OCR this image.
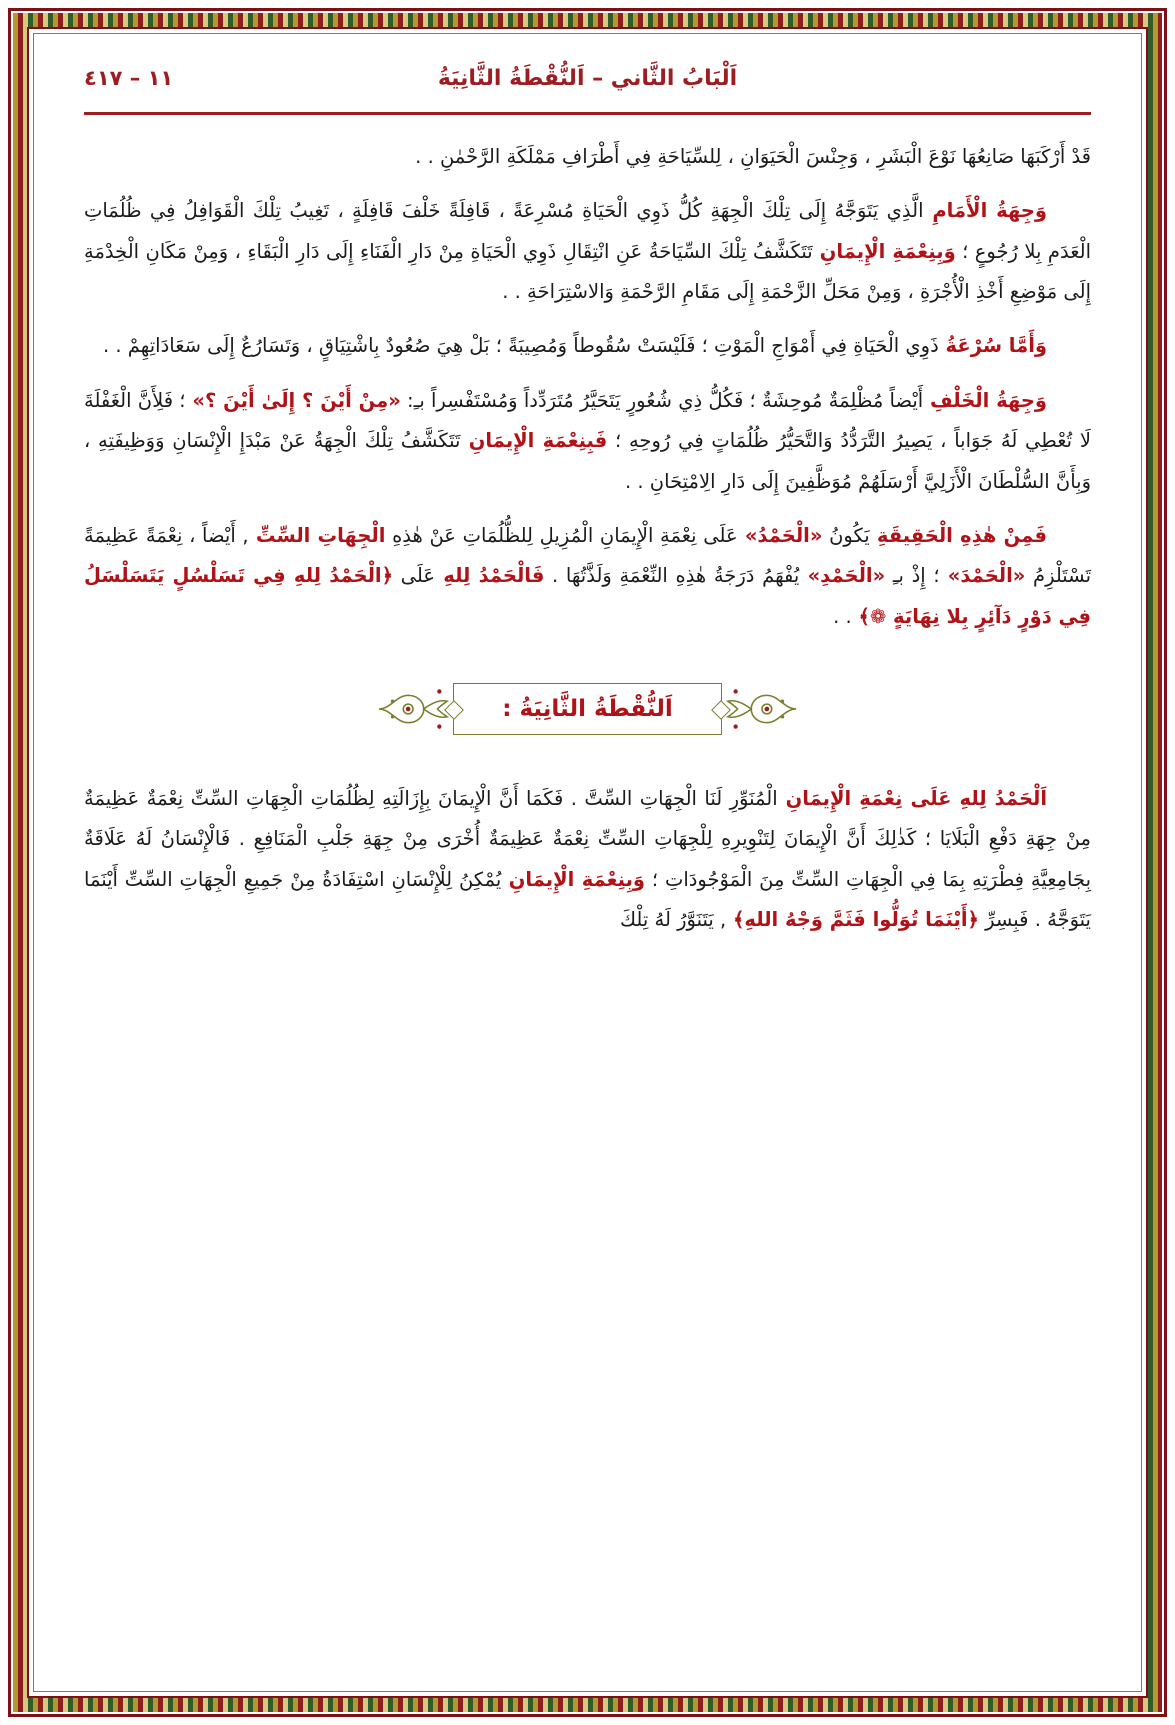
١١ – ٤١٧	اَلْبَابُ الثَّاني – اَلنُّقْطَةُ الثَّانِيَةُ
قَدْ أَرْكَبَهَا صَانِعُهَا نَوْعَ الْبَشَرِ ، وَجِنْسَ الْحَيَوَانِ ، لِلسِّيَاحَةِ فِي أَطْرَافِ مَمْلَكَةِ الرَّحْمٰنِ . .
وَجِهَةُ الْأَمَامِ الَّذِي يَتَوَجَّهُ إِلَى تِلْكَ الْجِهَةِ كُلُّ ذَوِي الْحَيَاةِ مُسْرِعَةً ، قَافِلَةً خَلْفَ قَافِلَةٍ ، تَغِيبُ تِلْكَ الْقَوَافِلُ فِي ظُلُمَاتِ الْعَدَمِ بِلا رُجُوعٍ ؛ وَبِنِعْمَةِ الْإِيمَانِ تَتَكَشَّفُ تِلْكَ السِّيَاحَةُ عَنِ انْتِقَالِ ذَوِي الْحَيَاةِ مِنْ دَارِ الْفَنَاءِ إِلَى دَارِ الْبَقَاءِ ، وَمِنْ مَكَانِ الْخِدْمَةِ إِلَى مَوْضِعِ أَخْذِ الْأُجْرَةِ ، وَمِنْ مَحَلِّ الزَّحْمَةِ إِلَى مَقَامِ الرَّحْمَةِ وَالاسْتِرَاحَةِ . .
وَأَمَّا سُرْعَةُ ذَوِي الْحَيَاةِ فِي أَمْوَاجِ الْمَوْتِ ؛ فَلَيْسَتْ سُقُوطاً وَمُصِيبَةً ؛ بَلْ هِيَ صُعُودٌ بِاشْتِيَاقٍ ، وَتَسَارُعٌ إِلَى سَعَادَاتِهِمْ . .
وَجِهَةُ الْخَلْفِ أَيْضاً مُظْلِمَةٌ مُوحِشَةٌ ؛ فَكُلُّ ذِي شُعُورٍ يَتَحَيَّرُ مُتَرَدِّداً وَمُسْتَفْسِراً بـِ: «مِنْ أَيْنَ ؟ إِلَىٰ أَيْنَ ؟» ؛ فَلِأَنَّ الْغَفْلَةَ لَا تُعْطِي لَهُ جَوَاباً ، يَصِيرُ التَّرَدُّدُ وَالتَّحَيُّرُ ظُلُمَاتٍ فِي رُوحِهِ ؛ فَبِنِعْمَةِ الْإِيمَانِ تَتَكَشَّفُ تِلْكَ الْجِهَةُ عَنْ مَبْدَإِ الْإِنْسَانِ وَوَظِيفَتِهِ ، وَبِأَنَّ السُّلْطَانَ الْأَزَلِيَّ أَرْسَلَهُمْ مُوَظَّفِينَ إِلَى دَارِ الِامْتِحَانِ . .
فَمِنْ هٰذِهِ الْحَقِيقَةِ يَكُونُ «الْحَمْدُ» عَلَى نِعْمَةِ الْإِيمَانِ الْمُزِيلِ لِلظُّلُمَاتِ عَنْ هٰذِهِ الْجِهَاتِ السِّتِّ , أَيْضاً ، نِعْمَةً عَظِيمَةً تَسْتَلْزِمُ «الْحَمْدَ» ؛ إِذْ بـِ «الْحَمْدِ» يُفْهَمُ دَرَجَةُ هٰذِهِ النِّعْمَةِ وَلَذَّتُهَا . فَالْحَمْدُ لِلهِ عَلَى ﴿الْحَمْدُ لِلهِ فِي تَسَلْسُلٍ يَتَسَلْسَلُ فِي دَوْرٍ دَآئِرٍ بِلا نِهَايَةٍ ❁﴾ . .
اَلنُّقْطَةُ الثَّانِيَةُ :
اَلْحَمْدُ لِلهِ عَلَى نِعْمَةِ الْإِيمَانِ الْمُنَوِّرِ لَنَا الْجِهَاتِ السِّتَّ . فَكَمَا أَنَّ الْإِيمَانَ بِإِزَالَتِهِ لِظُلُمَاتِ الْجِهَاتِ السِّتِّ نِعْمَةٌ عَظِيمَةٌ مِنْ جِهَةِ دَفْعِ الْبَلَايَا ؛ كَذٰلِكَ أَنَّ الْإِيمَانَ لِتَنْوِيرِهِ لِلْجِهَاتِ السِّتِّ نِعْمَةٌ عَظِيمَةٌ أُخْرَى مِنْ جِهَةِ جَلْبِ الْمَنَافِعِ . فَالْإِنْسَانُ لَهُ عَلَاقَةٌ بِجَامِعِيَّةِ فِطْرَتِهِ بِمَا فِي الْجِهَاتِ السِّتِّ مِنَ الْمَوْجُودَاتِ ؛ وَبِنِعْمَةِ الْإِيمَانِ يُمْكِنُ لِلْإِنْسَانِ اسْتِفَادَةُ مِنْ جَمِيعِ الْجِهَاتِ السِّتِّ أَيْنَمَا يَتَوَجَّهُ . فَبِسِرِّ ﴿أَيْنَمَا تُوَلُّوا فَثَمَّ وَجْهُ اللهِ﴾ , يَتَنَوَّرُ لَهُ تِلْكَ
